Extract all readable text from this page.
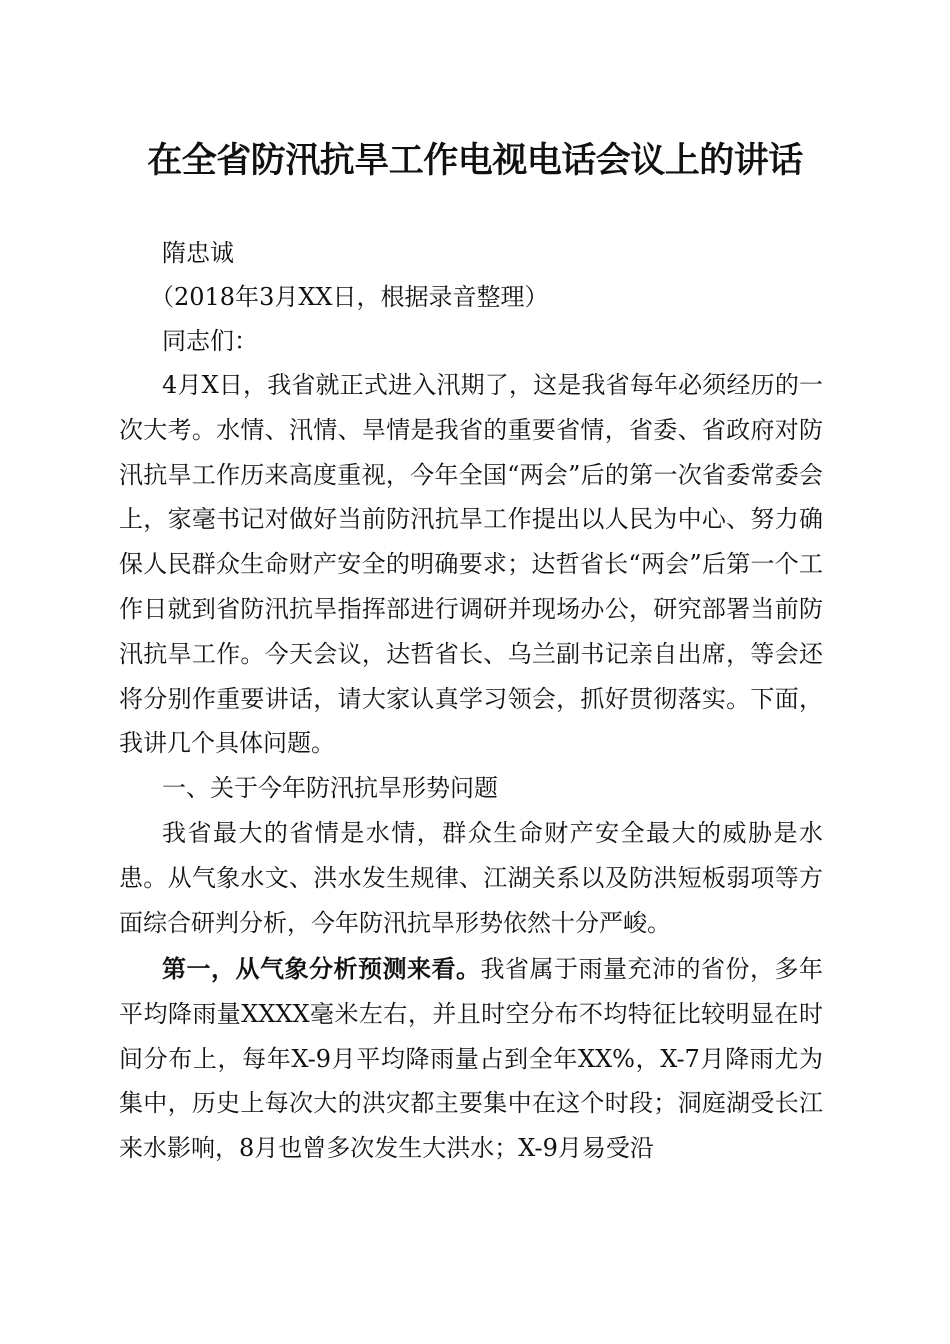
在全省防汛抗旱工作电视电话会议上的讲话

隋忠诚

（2018年3月XX日，根据录音整理）

同志们：

4月X日，我省就正式进入汛期了，这是我省每年必须经历的一次大考。水情、汛情、旱情是我省的重要省情，省委、省政府对防汛抗旱工作历来高度重视，今年全国“两会”后的第一次省委常委会上，家毫书记对做好当前防汛抗旱工作提出以人民为中心、努力确保人民群众生命财产安全的明确要求；达哲省长“两会”后第一个工作日就到省防汛抗旱指挥部进行调研并现场办公，研究部署当前防汛抗旱工作。今天会议，达哲省长、乌兰副书记亲自出席，等会还将分别作重要讲话，请大家认真学习领会，抓好贯彻落实。下面，我讲几个具体问题。

一、关于今年防汛抗旱形势问题

我省最大的省情是水情，群众生命财产安全最大的威胁是水患。从气象水文、洪水发生规律、江湖关系以及防洪短板弱项等方面综合研判分析，今年防汛抗旱形势依然十分严峻。

第一，从气象分析预测来看。我省属于雨量充沛的省份，多年平均降雨量XXXX毫米左右，并且时空分布不均特征比较明显在时间分布上，每年X-9月平均降雨量占到全年XX%，X-7月降雨尤为集中，历史上每次大的洪灾都主要集中在这个时段；洞庭湖受长江来水影响，8月也曾多次发生大洪水；X-9月易受沿
